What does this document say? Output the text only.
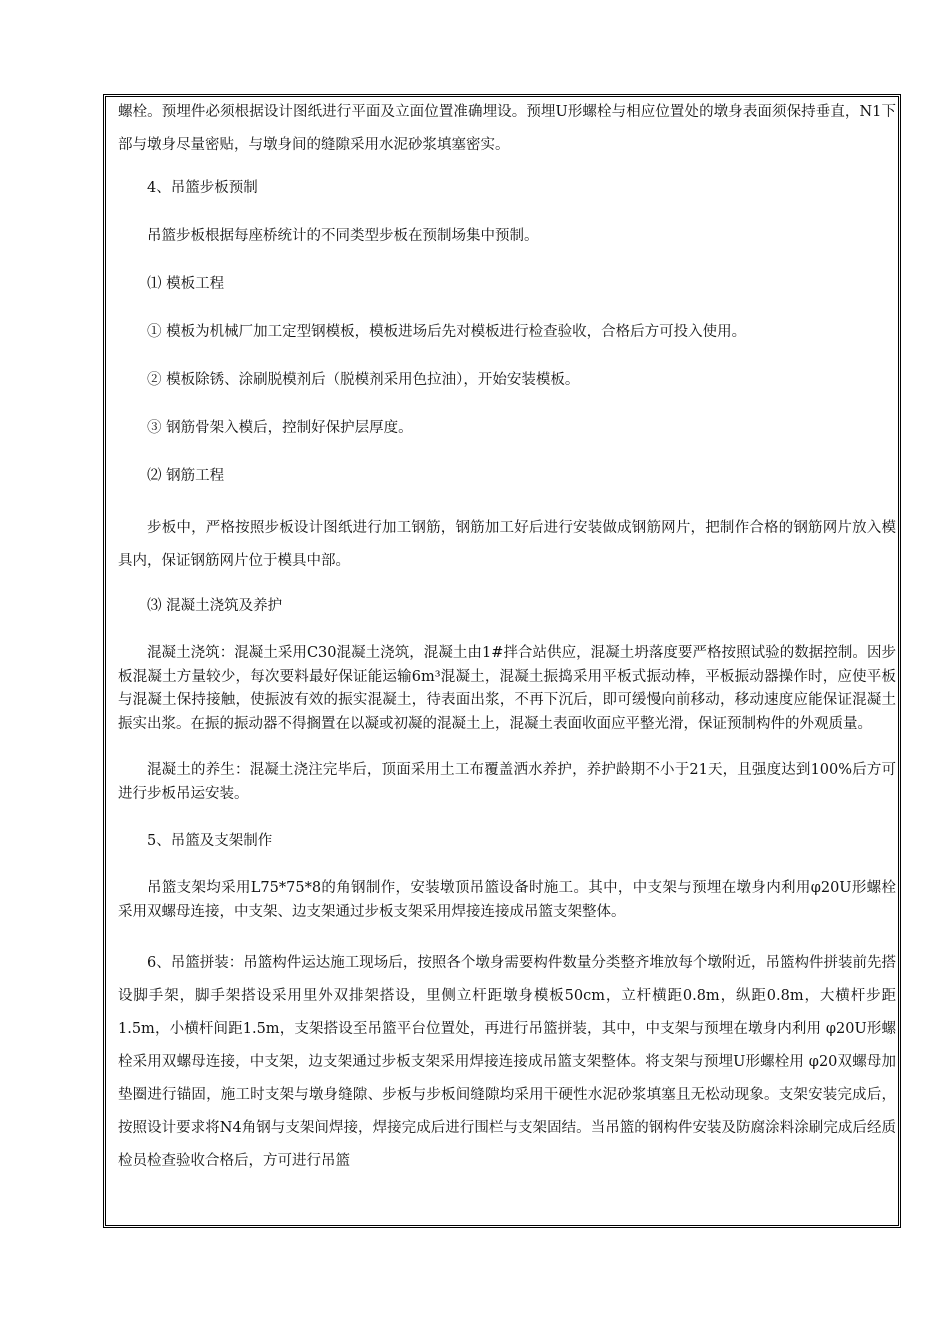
螺栓。预埋件必须根据设计图纸进行平面及立面位置准确埋设。预埋U形螺栓与相应位置处的墩身表面须保持垂直，N1下部与墩身尽量密贴，与墩身间的缝隙采用水泥砂浆填塞密实。

4、吊篮步板预制

吊篮步板根据每座桥统计的不同类型步板在预制场集中预制。

⑴ 模板工程

① 模板为机械厂加工定型钢模板，模板进场后先对模板进行检查验收，合格后方可投入使用。

② 模板除锈、涂刷脱模剂后（脱模剂采用色拉油），开始安装模板。

③ 钢筋骨架入模后，控制好保护层厚度。

⑵ 钢筋工程

步板中，严格按照步板设计图纸进行加工钢筋，钢筋加工好后进行安装做成钢筋网片，把制作合格的钢筋网片放入模具内，保证钢筋网片位于模具中部。

⑶ 混凝土浇筑及养护

混凝土浇筑：混凝土采用C30混凝土浇筑，混凝土由1#拌合站供应，混凝土坍落度要严格按照试验的数据控制。因步板混凝土方量较少，每次要料最好保证能运输6m³混凝土，混凝土振捣采用平板式振动棒，平板振动器操作时，应使平板与混凝土保持接触，使振波有效的振实混凝土，待表面出浆，不再下沉后，即可缓慢向前移动，移动速度应能保证混凝土振实出浆。在振的振动器不得搁置在以凝或初凝的混凝土上，混凝土表面收面应平整光滑，保证预制构件的外观质量。

混凝土的养生：混凝土浇注完毕后，顶面采用土工布覆盖洒水养护，养护龄期不小于21天，且强度达到100%后方可进行步板吊运安装。

5、吊篮及支架制作

吊篮支架均采用L75*75*8的角钢制作，安装墩顶吊篮设备时施工。其中，中支架与预埋在墩身内利用φ20U形螺栓采用双螺母连接，中支架、边支架通过步板支架采用焊接连接成吊篮支架整体。

6、吊篮拼装：吊篮构件运达施工现场后，按照各个墩身需要构件数量分类整齐堆放每个墩附近，吊篮构件拼装前先搭设脚手架，脚手架搭设采用里外双排架搭设，里侧立杆距墩身模板50cm，立杆横距0.8m，纵距0.8m，大横杆步距1.5m，小横杆间距1.5m，支架搭设至吊篮平台位置处，再进行吊篮拼装，其中，中支架与预埋在墩身内利用 φ20U形螺栓采用双螺母连接，中支架，边支架通过步板支架采用焊接连接成吊篮支架整体。将支架与预埋U形螺栓用 φ20双螺母加垫圈进行锚固，施工时支架与墩身缝隙、步板与步板间缝隙均采用干硬性水泥砂浆填塞且无松动现象。支架安装完成后，按照设计要求将N4角钢与支架间焊接，焊接完成后进行围栏与支架固结。当吊篮的钢构件安装及防腐涂料涂刷完成后经质检员检查验收合格后，方可进行吊篮
